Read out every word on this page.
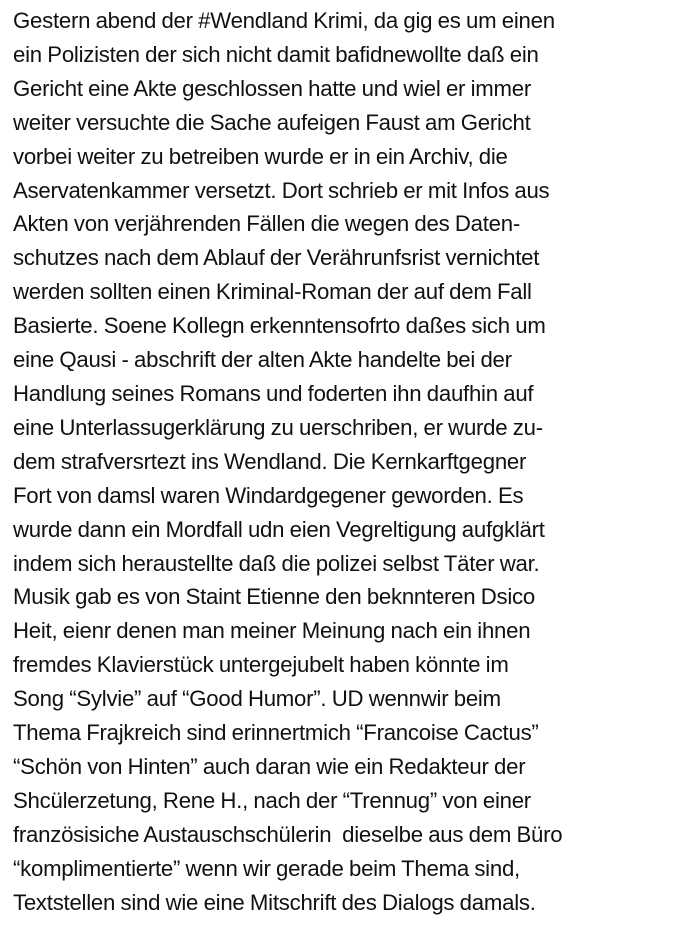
Gestern abend der #Wendland Krimi, da gig es um einen
ein Polizisten der sich nicht damit bafidnewollte daß ein
Gericht eine Akte geschlossen hatte und wiel er immer
weiter versuchte die Sache aufeigen Faust am Gericht
vorbei weiter zu betreiben wurde er in ein Archiv, die
Aservatenkammer versetzt. Dort schrieb er mit Infos aus
Akten von verjährenden Fällen die wegen des Daten-
schutzes nach dem Ablauf der Verährunfsrist vernichtet
werden sollten einen Kriminal-Roman der auf dem Fall
Basierte. Soene Kollegn erkenntensofrto daßes sich um
eine Qausi - abschrift der alten Akte handelte bei der
Handlung seines Romans und foderten ihn daufhin auf
eine Unterlassugerklärung zu uerschriben, er wurde zu-
dem strafversrtezt ins Wendland. Die Kernkarftgegner
Fort von damsl waren Windardgegener geworden. Es
wurde dann ein Mordfall udn eien Vegreltigung aufgklärt
indem sich heraustellte daß die polizei selbst Täter war.
Musik gab es von Staint Etienne den beknnteren Dsico
Heit, eienr denen man meiner Meinung nach ein ihnen
fremdes Klavierstück untergejubelt haben könnte im
Song “Sylvie” auf “Good Humor”. UD wennwir beim
Thema Frajkreich sind erinnertmich “Francoise Cactus”
“Schön von Hinten” auch daran wie ein Redakteur der
Shcülerzetung, Rene H., nach der “Trennug” von einer
französisiche Austauschschülerin  dieselbe aus dem Büro
“komplimentierte” wenn wir gerade beim Thema sind,
Textstellen sind wie eine Mitschrift des Dialogs damals.
